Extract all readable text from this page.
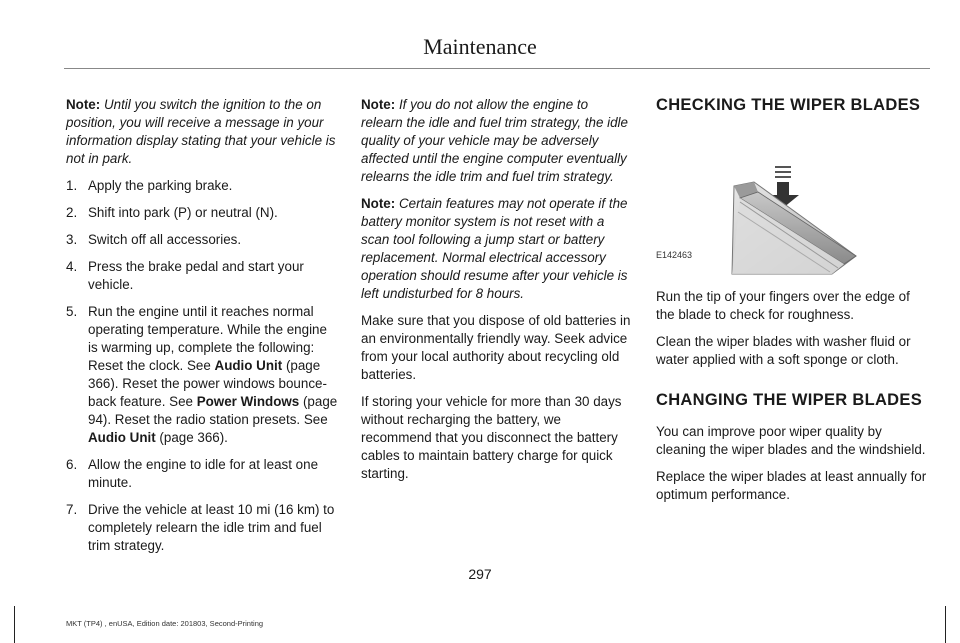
Maintenance

Note: Until you switch the ignition to the on position, you will receive a message in your information display stating that your vehicle is not in park.

1. Apply the parking brake.
2. Shift into park (P) or neutral (N).
3. Switch off all accessories.
4. Press the brake pedal and start your vehicle.
5. Run the engine until it reaches normal operating temperature. While the engine is warming up, complete the following: Reset the clock. See Audio Unit (page 366). Reset the power windows bounce-back feature. See Power Windows (page 94). Reset the radio station presets. See Audio Unit (page 366).
6. Allow the engine to idle for at least one minute.
7. Drive the vehicle at least 10 mi (16 km) to completely relearn the idle trim and fuel trim strategy.

Note: If you do not allow the engine to relearn the idle and fuel trim strategy, the idle quality of your vehicle may be adversely affected until the engine computer eventually relearns the idle trim and fuel trim strategy.

Note: Certain features may not operate if the battery monitor system is not reset with a scan tool following a jump start or battery replacement. Normal electrical accessory operation should resume after your vehicle is left undisturbed for 8 hours.

Make sure that you dispose of old batteries in an environmentally friendly way. Seek advice from your local authority about recycling old batteries.

If storing your vehicle for more than 30 days without recharging the battery, we recommend that you disconnect the battery cables to maintain battery charge for quick starting.

CHECKING THE WIPER BLADES
E142463

Run the tip of your fingers over the edge of the blade to check for roughness.

Clean the wiper blades with washer fluid or water applied with a soft sponge or cloth.

CHANGING THE WIPER BLADES

You can improve poor wiper quality by cleaning the wiper blades and the windshield.

Replace the wiper blades at least annually for optimum performance.

297
MKT (TP4) , enUSA, Edition date: 201803, Second-Printing
